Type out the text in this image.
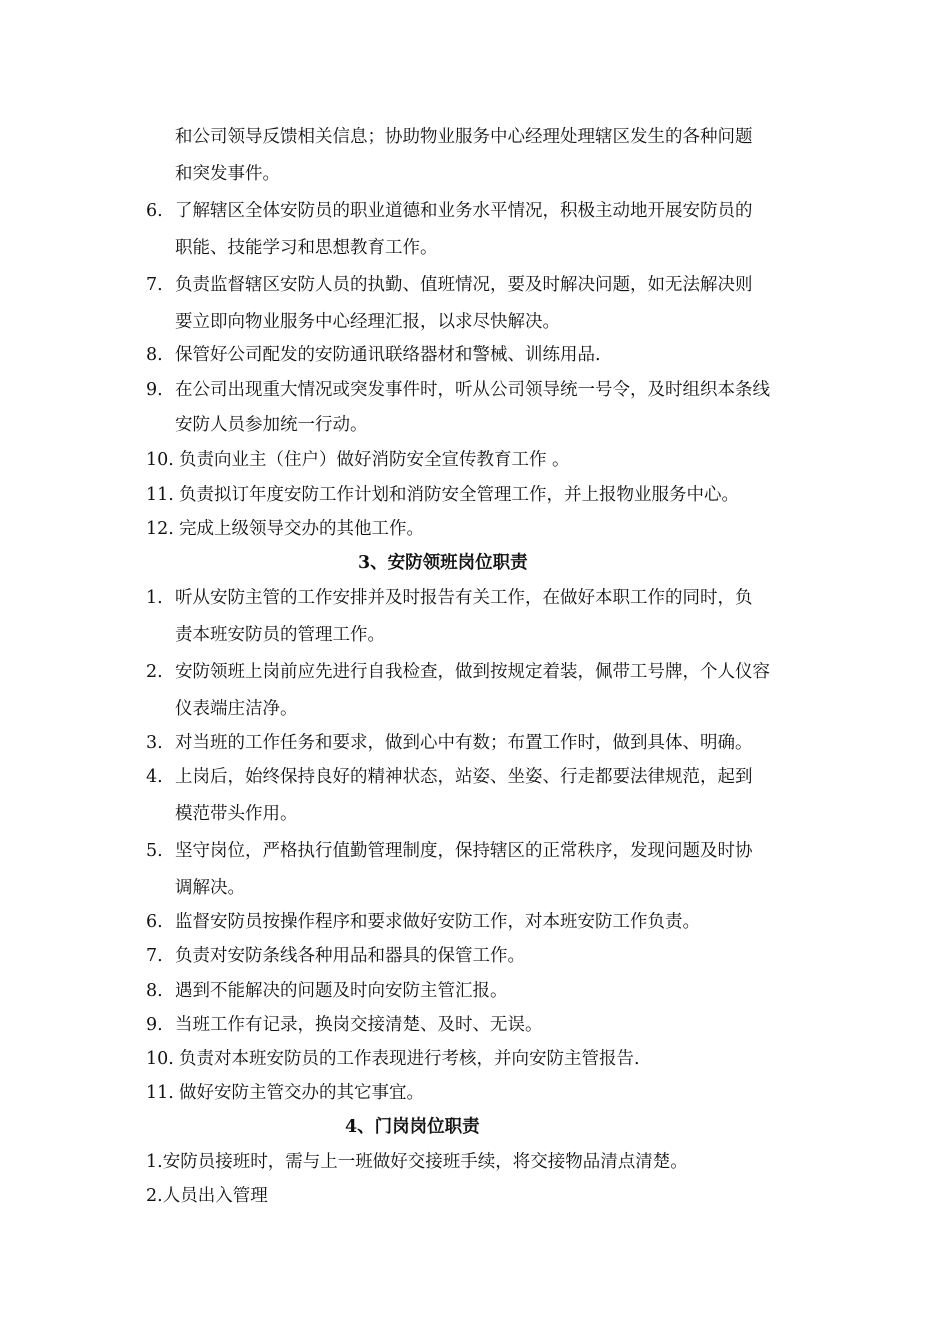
和公司领导反馈相关信息；协助物业服务中心经理处理辖区发生的各种问题
和突发事件。
6. 了解辖区全体安防员的职业道德和业务水平情况，积极主动地开展安防员的
职能、技能学习和思想教育工作。
7. 负责监督辖区安防人员的执勤、值班情况，要及时解决问题，如无法解决则
要立即向物业服务中心经理汇报，以求尽快解决。
8. 保管好公司配发的安防通讯联络器材和警械、训练用品.
9. 在公司出现重大情况或突发事件时，听从公司领导统一号令，及时组织本条线
安防人员参加统一行动。
10. 负责向业主（住户）做好消防安全宣传教育工作 。
11. 负责拟订年度安防工作计划和消防安全管理工作，并上报物业服务中心。
12. 完成上级领导交办的其他工作。
3、安防领班岗位职责
1. 听从安防主管的工作安排并及时报告有关工作，在做好本职工作的同时，负
责本班安防员的管理工作。
2. 安防领班上岗前应先进行自我检查，做到按规定着装，佩带工号牌，个人仪容
仪表端庄洁净。
3. 对当班的工作任务和要求，做到心中有数；布置工作时，做到具体、明确。
4. 上岗后，始终保持良好的精神状态，站姿、坐姿、行走都要法律规范，起到
模范带头作用。
5. 坚守岗位，严格执行值勤管理制度，保持辖区的正常秩序，发现问题及时协
调解决。
6. 监督安防员按操作程序和要求做好安防工作，对本班安防工作负责。
7. 负责对安防条线各种用品和器具的保管工作。
8. 遇到不能解决的问题及时向安防主管汇报。
9. 当班工作有记录，换岗交接清楚、及时、无误。
10. 负责对本班安防员的工作表现进行考核，并向安防主管报告.
11. 做好安防主管交办的其它事宜。
4、门岗岗位职责
1.安防员接班时，需与上一班做好交接班手续，将交接物品清点清楚。
2.人员出入管理
